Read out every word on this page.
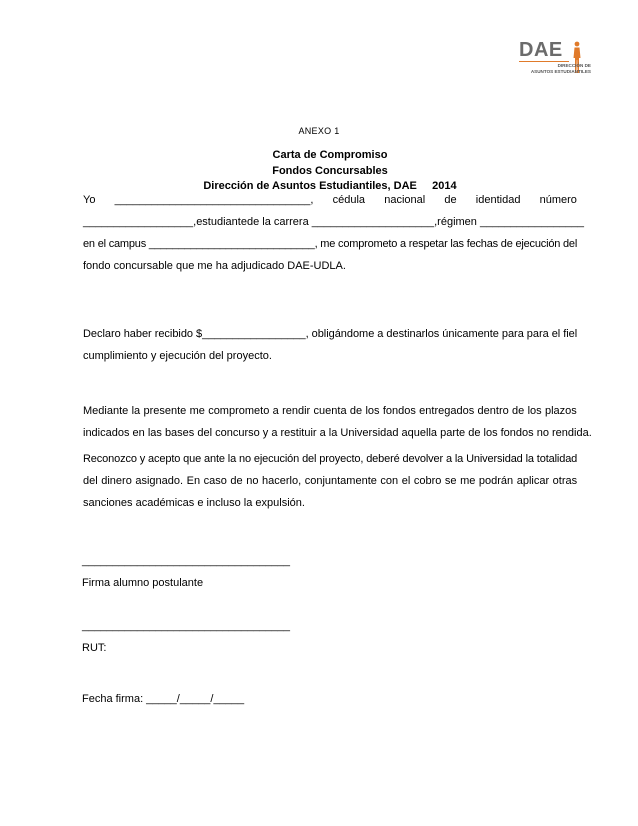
DAE
DIRECCIÓN DE
ASUNTOS ESTUDIANTILES
ANEXO 1
Carta de Compromiso
Fondos Concursables
Dirección de Asuntos Estudiantiles, DAE     2014
Yo ________________________________, cédula nacional de identidad número
__________________, estudiante de la carrera ____________________, régimen _________________
en el campus ____________________________, me comprometo a respetar las fechas de ejecución del
fondo concursable que me ha adjudicado DAE-UDLA.
Declaro haber recibido $_________________, obligándome a destinarlos únicamente para para el fiel
cumplimiento y ejecución del proyecto.
Mediante la presente me comprometo a rendir cuenta de los fondos entregados dentro de los plazos
indicados en las bases del concurso y a restituir a la Universidad aquella parte de los fondos no rendida.
Reconozco y acepto que ante la no ejecución del proyecto, deberé devolver a la Universidad la totalidad
del dinero asignado. En caso de no hacerlo, conjuntamente con el cobro se me podrán aplicar otras
sanciones académicas e incluso la expulsión.
__________________________________
Firma alumno postulante
__________________________________
RUT:
Fecha firma: _____/_____/_____
